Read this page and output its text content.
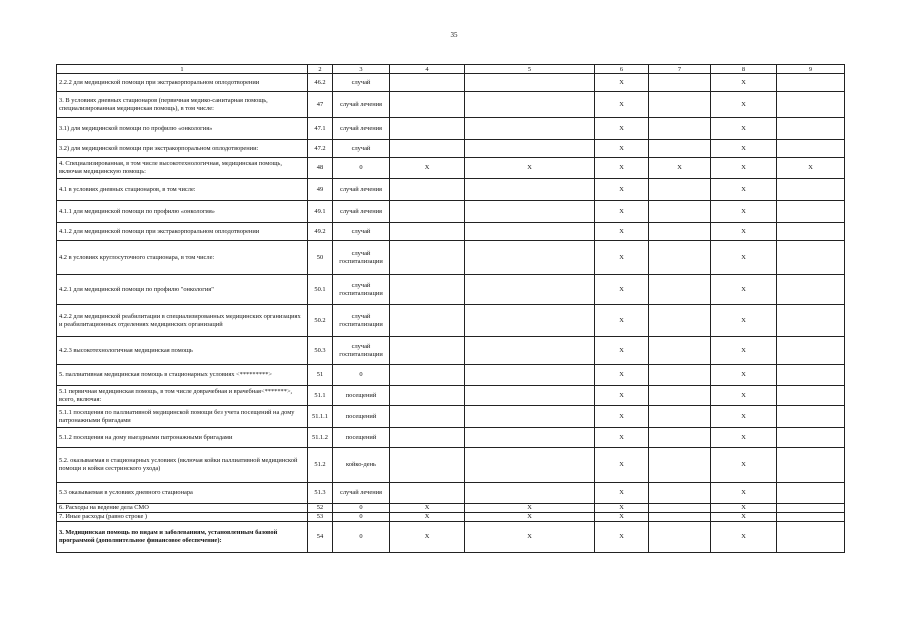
35
1	2	3	4	5	6	7	8	9	
2.2.2 для медицинской помощи при экстракорпоральном оплодотворении	46.2	случай			X		X		
3. В условиях дневных стационаров (первичная медико-санитарная помощь, специализированная медицинская помощь), в том числе:	47	случай лечения			X		X		
3.1) для медицинской помощи по профилю «онкология»	47.1	случай лечения			X		X		
3.2) для медицинской помощи при экстракорпоральном оплодотворении:	47.2	случай			X		X		
4. Специализированная, в том числе высокотехнологичная, медицинская помощь, включая медицинскую помощь:	48	0	X	X	X	X	X	X	
4.1 в условиях дневных стационаров, в том числе:	49	случай лечения			X		X		
4.1.1 для медицинской помощи по профилю «онкология»	49.1	случай лечения			X		X		
4.1.2 для медицинской помощи при экстракорпоральном оплодотворении	49.2	случай			X		X		
4.2 в условиях круглосуточного стационара, в том числе:	50	случай госпитализации			X		X		
4.2.1 для медицинской помощи по профилю "онкология"	50.1	случай госпитализации			X		X		
4.2.2 для медицинской реабилитации в специализированных медицинских организациях и реабилитационных отделениях медицинских организаций	50.2	случай госпитализации			X		X		
4.2.3 высокотехнологичная медицинская помощь	50.3	случай госпитализации			X		X		
5. паллиативная медицинская помощь в стационарных условиях <*********>	51	0			X		X		
5.1 первичная медицинская помощь, в том числе доврачебная и врачебная<*******>, всего, включая:	51.1	посещений			X		X		
5.1.1 посещения по паллиативной медицинской помощи без учета посещений на дому патронажными бригадами	51.1.1	посещений			X		X		
5.1.2 посещения на дому выездными патронажными бригадами	51.1.2	посещений			X		X		
5.2. оказываемая в стационарных условиях (включая койки паллиативной медицинской помощи и койки сестринского ухода)	51.2	койко-день			X		X		
5.3 оказываемая в условиях дневного стационара	51.3	случай лечения			X		X		
6. Расходы на ведение дела СМО	52	0	X	X	X		X		
7. Иные расходы (равно строке )	53	0	X	X	X		X		
3. Медицинская помощь по видам и заболеваниям, установленным базовой программой (дополнительное финансовое обеспечение):	54	0	X	X	X		X		
